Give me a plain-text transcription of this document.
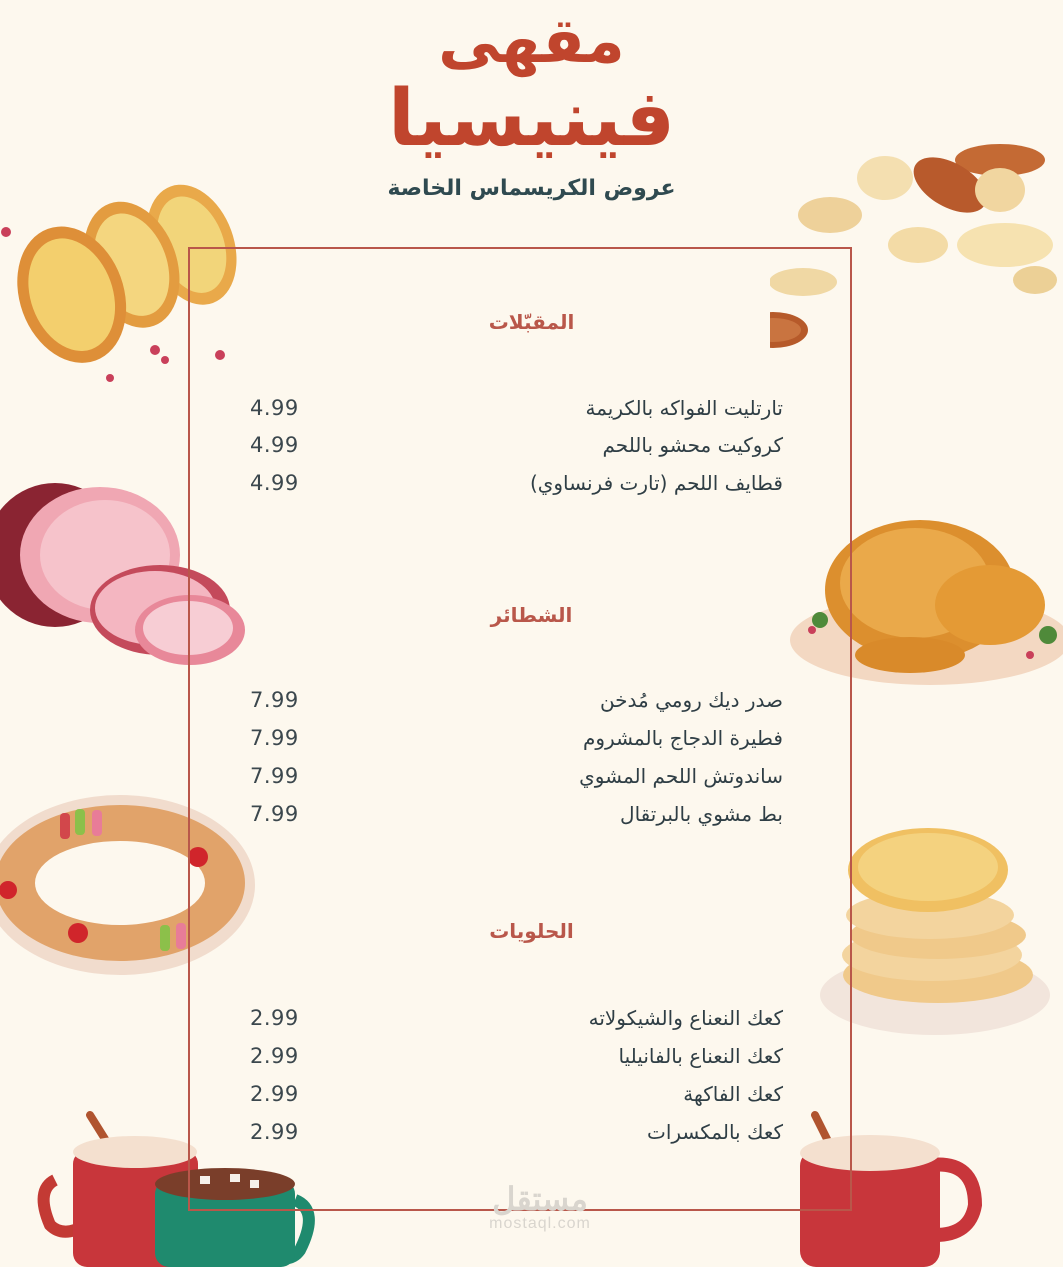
مقهى
فينيسيا
عروض الكريسماس الخاصة
المقبّلات
تارتليت الفواكه بالكريمة
4.99
كروكيت محشو باللحم
4.99
قطايف اللحم (تارت فرنساوي)
4.99
الشطائر
صدر ديك رومي مُدخن
7.99
فطيرة الدجاج بالمشروم
7.99
ساندوتش اللحم المشوي
7.99
بط مشوي بالبرتقال
7.99
الحلويات
كعك النعناع والشيكولاته
2.99
كعك النعناع بالفانيليا
2.99
كعك الفاكهة
2.99
كعك بالمكسرات
2.99
مستقل
mostaql.com
